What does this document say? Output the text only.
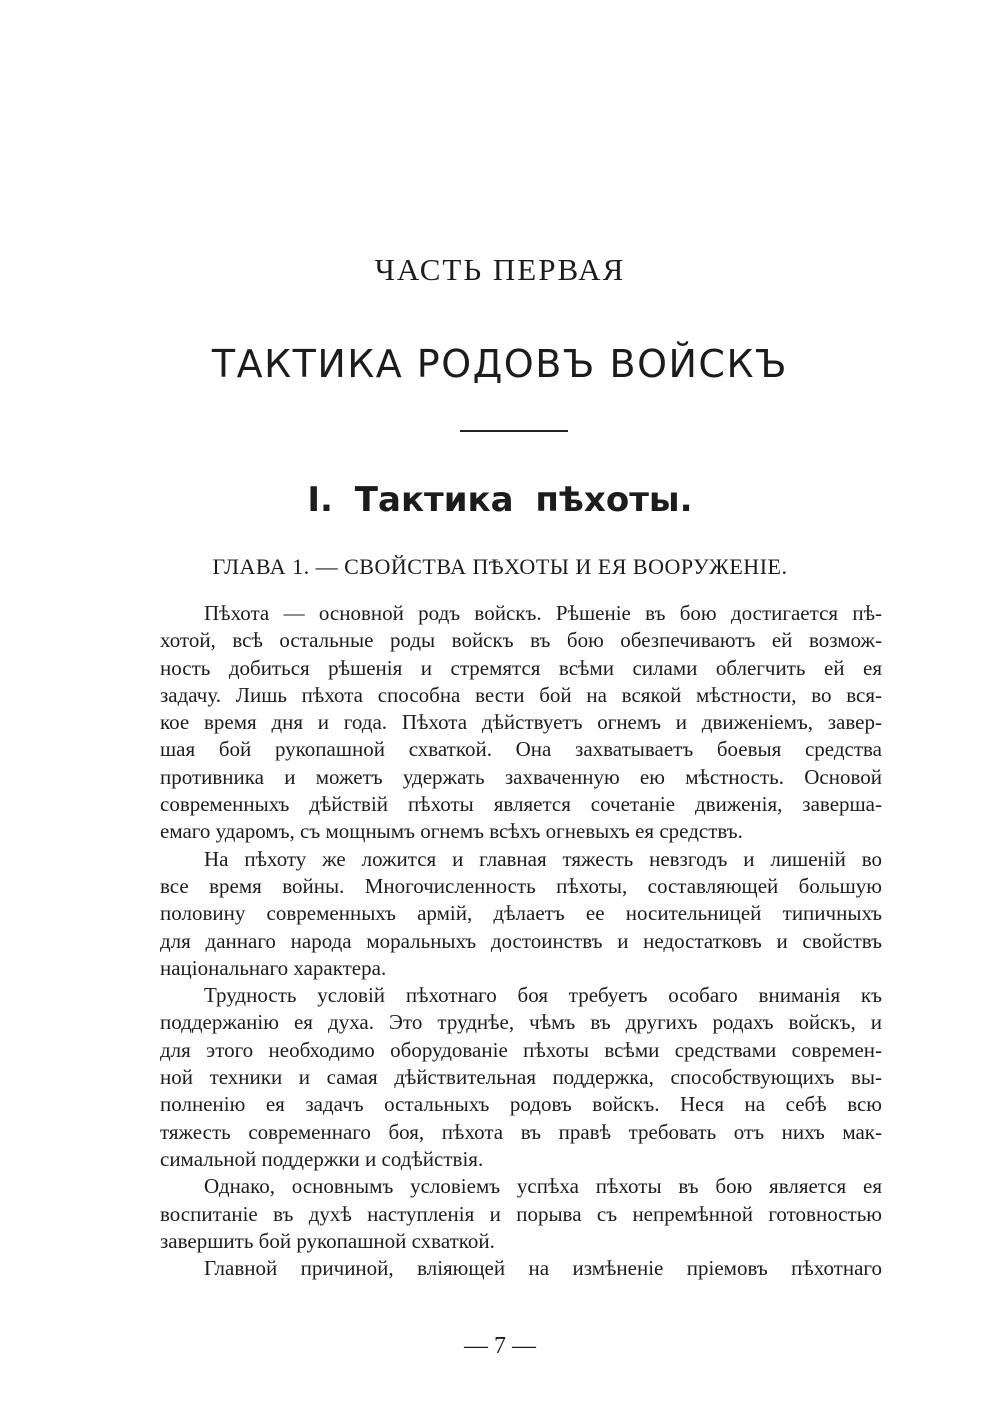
ЧАСТЬ ПЕРВАЯ
ТАКТИКА РОДОВЪ ВОЙСКЪ
I. Тактика пѣхоты.
ГЛАВА 1. — СВОЙСТВА ПѢХОТЫ И ЕЯ ВООРУЖЕНІЕ.
Пѣхота — основной родъ войскъ. Рѣшеніе въ бою достигается пѣ-
хотой, всѣ остальные роды войскъ въ бою обезпечиваютъ ей возмож-
ность добиться рѣшенія и стремятся всѣми силами облегчить ей ея
задачу. Лишь пѣхота способна вести бой на всякой мѣстности, во вся-
кое время дня и года. Пѣхота дѣйствуетъ огнемъ и движеніемъ, завер-
шая бой рукопашной схваткой. Она захватываетъ боевыя средства
противника и можетъ удержать захваченную ею мѣстность. Основой
современныхъ дѣйствій пѣхоты является сочетаніе движенія, заверша-
емаго ударомъ, съ мощнымъ огнемъ всѣхъ огневыхъ ея средствъ.
На пѣхоту же ложится и главная тяжесть невзгодъ и лишеній во
все время войны. Многочисленность пѣхоты, составляющей большую
половину современныхъ армій, дѣлаетъ ее носительницей типичныхъ
для даннаго народа моральныхъ достоинствъ и недостатковъ и свойствъ
національнаго характера.
Трудность условій пѣхотнаго боя требуетъ особаго вниманія къ
поддержанію ея духа. Это труднѣе, чѣмъ въ другихъ родахъ войскъ, и
для этого необходимо оборудованіе пѣхоты всѣми средствами современ-
ной техники и самая дѣйствительная поддержка, способствующихъ вы-
полненію ея задачъ остальныхъ родовъ войскъ. Неся на себѣ всю
тяжесть современнаго боя, пѣхота въ правѣ требовать отъ нихъ мак-
симальной поддержки и содѣйствія.
Однако, основнымъ условіемъ успѣха пѣхоты въ бою является ея
воспитаніе въ духѣ наступленія и порыва съ непремѣнной готовностью
завершить бой рукопашной схваткой.
Главной причиной, вліяющей на измѣненіе пріемовъ пѣхотнаго
— 7 —
